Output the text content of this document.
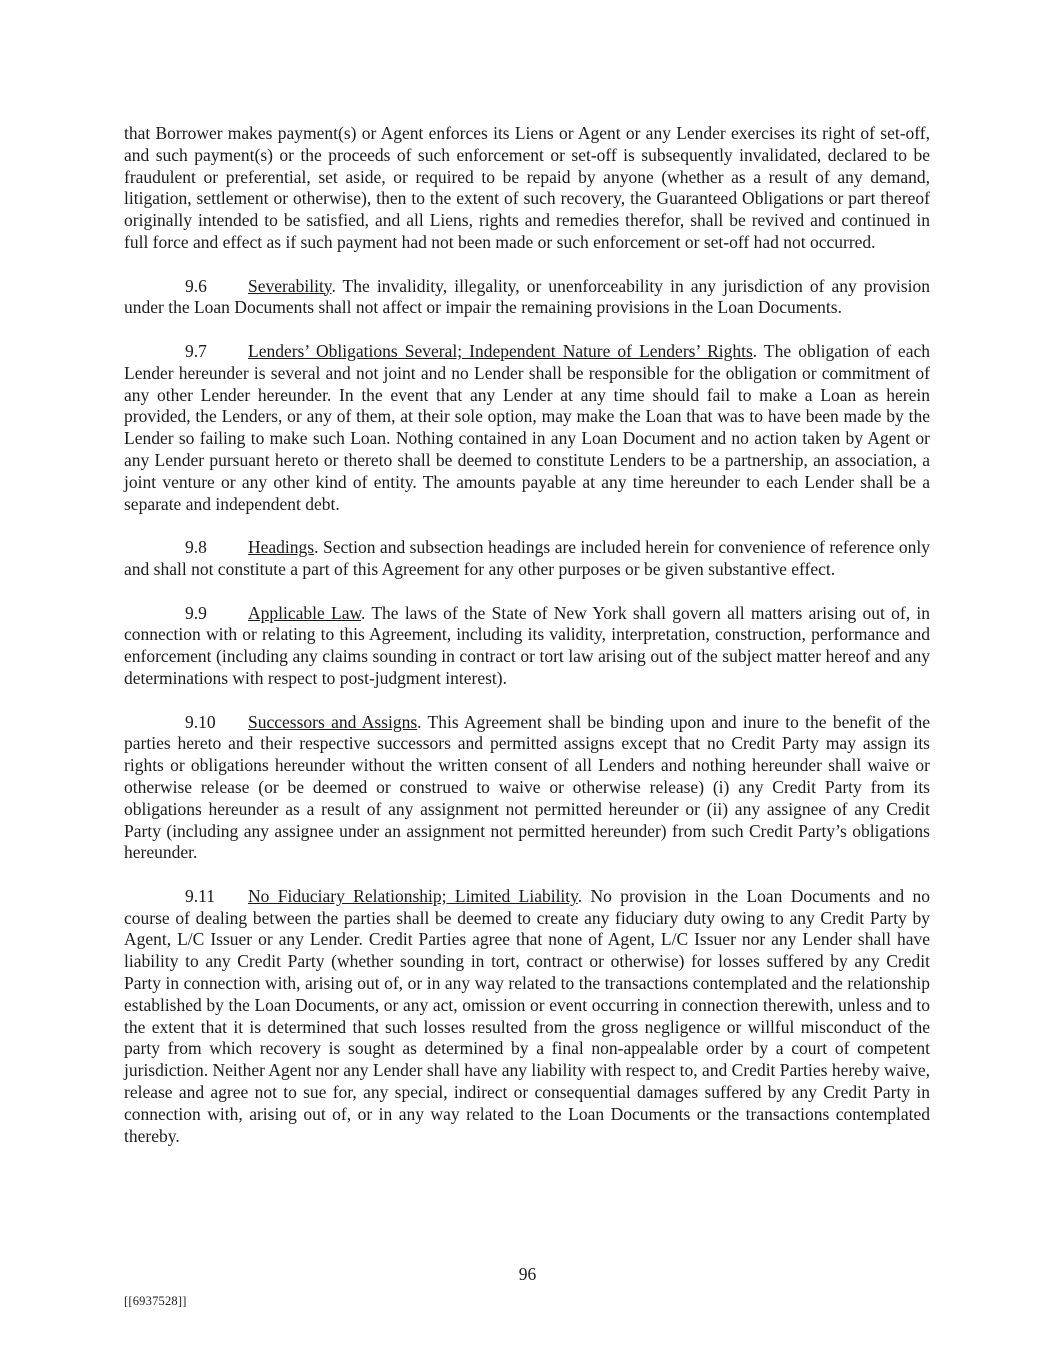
that Borrower makes payment(s) or Agent enforces its Liens or Agent or any Lender exercises its right of set-off, and such payment(s) or the proceeds of such enforcement or set-off is subsequently invalidated, declared to be fraudulent or preferential, set aside, or required to be repaid by anyone (whether as a result of any demand, litigation, settlement or otherwise), then to the extent of such recovery, the Guaranteed Obligations or part thereof originally intended to be satisfied, and all Liens, rights and remedies therefor, shall be revived and continued in full force and effect as if such payment had not been made or such enforcement or set-off had not occurred.

9.6 Severability. The invalidity, illegality, or unenforceability in any jurisdiction of any provision under the Loan Documents shall not affect or impair the remaining provisions in the Loan Documents.

9.7 Lenders’ Obligations Several; Independent Nature of Lenders’ Rights. The obligation of each Lender hereunder is several and not joint and no Lender shall be responsible for the obligation or commitment of any other Lender hereunder. In the event that any Lender at any time should fail to make a Loan as herein provided, the Lenders, or any of them, at their sole option, may make the Loan that was to have been made by the Lender so failing to make such Loan. Nothing contained in any Loan Document and no action taken by Agent or any Lender pursuant hereto or thereto shall be deemed to constitute Lenders to be a partnership, an association, a joint venture or any other kind of entity. The amounts payable at any time hereunder to each Lender shall be a separate and independent debt.

9.8 Headings. Section and subsection headings are included herein for convenience of reference only and shall not constitute a part of this Agreement for any other purposes or be given substantive effect.

9.9 Applicable Law. The laws of the State of New York shall govern all matters arising out of, in connection with or relating to this Agreement, including its validity, interpretation, construction, performance and enforcement (including any claims sounding in contract or tort law arising out of the subject matter hereof and any determinations with respect to post-judgment interest).

9.10 Successors and Assigns. This Agreement shall be binding upon and inure to the benefit of the parties hereto and their respective successors and permitted assigns except that no Credit Party may assign its rights or obligations hereunder without the written consent of all Lenders and nothing hereunder shall waive or otherwise release (or be deemed or construed to waive or otherwise release) (i) any Credit Party from its obligations hereunder as a result of any assignment not permitted hereunder or (ii) any assignee of any Credit Party (including any assignee under an assignment not permitted hereunder) from such Credit Party’s obligations hereunder.

9.11 No Fiduciary Relationship; Limited Liability. No provision in the Loan Documents and no course of dealing between the parties shall be deemed to create any fiduciary duty owing to any Credit Party by Agent, L/C Issuer or any Lender. Credit Parties agree that none of Agent, L/C Issuer nor any Lender shall have liability to any Credit Party (whether sounding in tort, contract or otherwise) for losses suffered by any Credit Party in connection with, arising out of, or in any way related to the transactions contemplated and the relationship established by the Loan Documents, or any act, omission or event occurring in connection therewith, unless and to the extent that it is determined that such losses resulted from the gross negligence or willful misconduct of the party from which recovery is sought as determined by a final non-appealable order by a court of competent jurisdiction. Neither Agent nor any Lender shall have any liability with respect to, and Credit Parties hereby waive, release and agree not to sue for, any special, indirect or consequential damages suffered by any Credit Party in connection with, arising out of, or in any way related to the Loan Documents or the transactions contemplated thereby.

96
[[6937528]]
